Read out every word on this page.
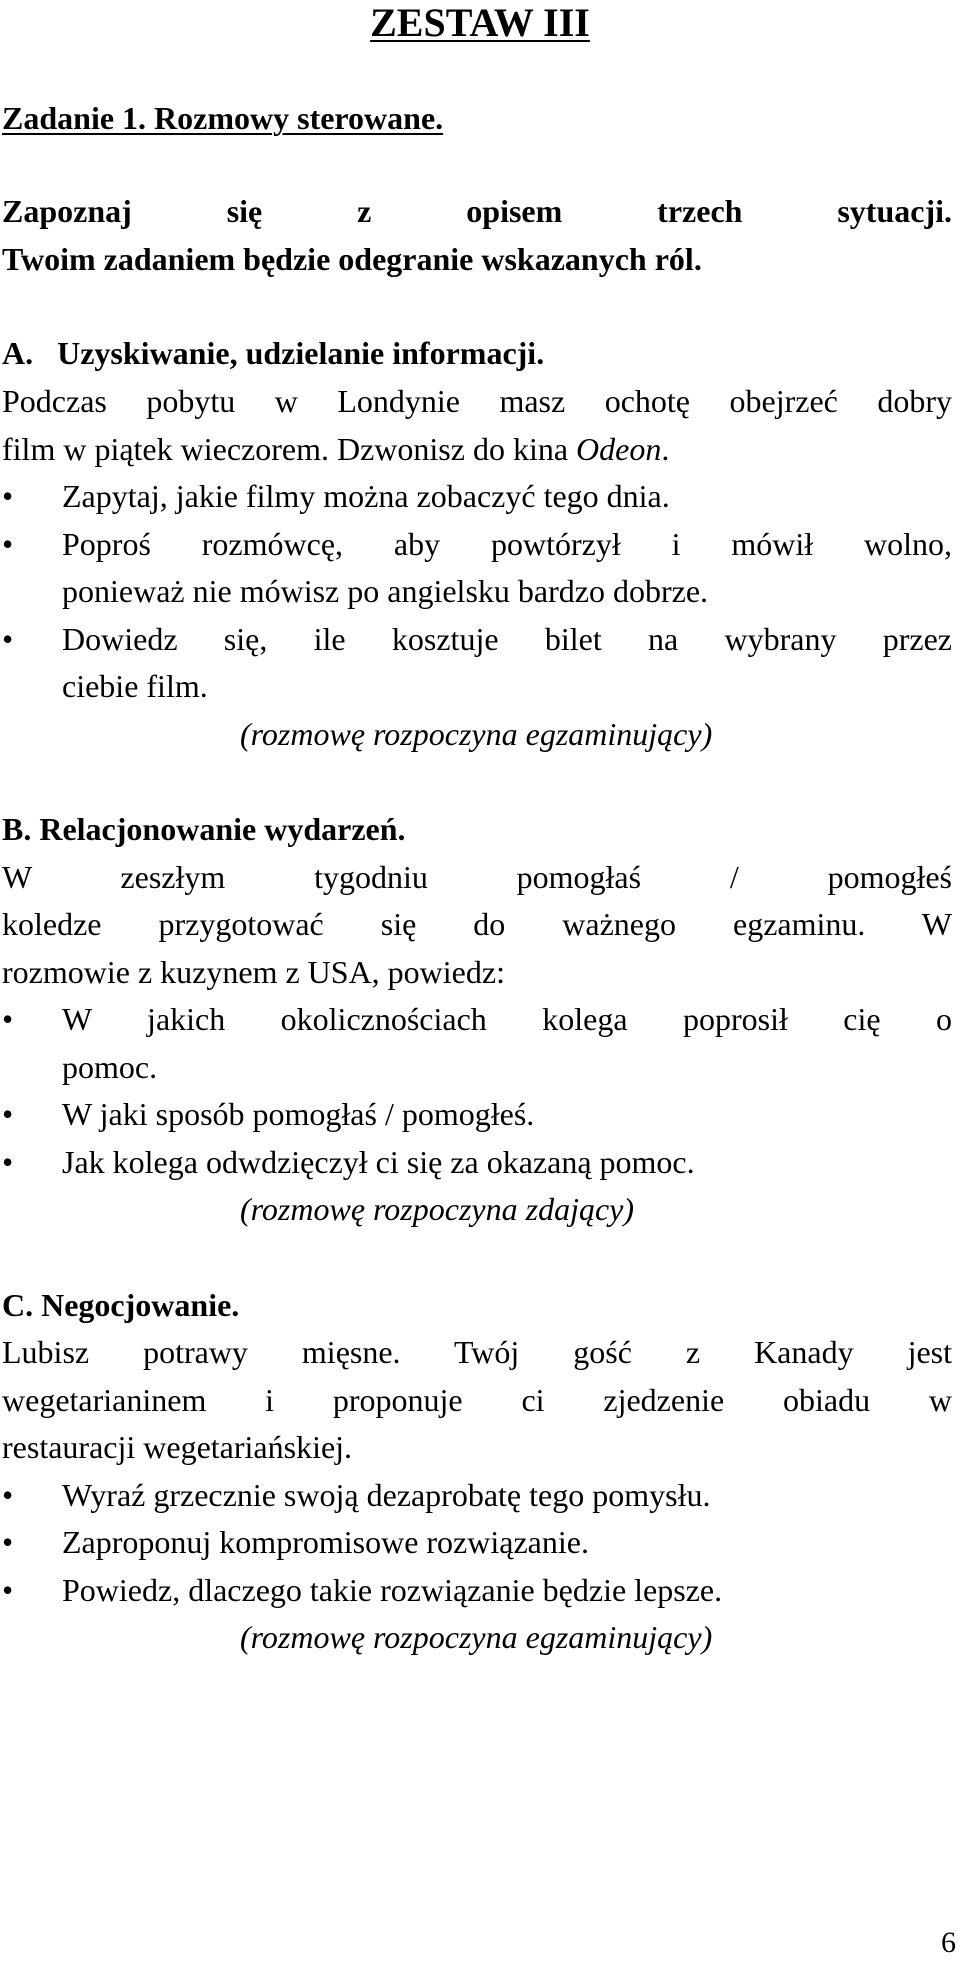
ZESTAW III
Zadanie 1. Rozmowy sterowane.
Zapoznaj się z opisem trzech sytuacji.
Twoim zadaniem będzie odegranie wskazanych ról.
A. Uzyskiwanie, udzielanie informacji.
Podczas pobytu w Londynie masz ochotę obejrzeć dobry
film w piątek wieczorem. Dzwonisz do kina Odeon.
• Zapytaj, jakie filmy można zobaczyć tego dnia.
• Poproś rozmówcę, aby powtórzył i mówił wolno,
ponieważ nie mówisz po angielsku bardzo dobrze.
• Dowiedz się, ile kosztuje bilet na wybrany przez
ciebie film.
(rozmowę rozpoczyna egzaminujący)
B. Relacjonowanie wydarzeń.
W zeszłym tygodniu pomogłaś / pomogłeś
koledze przygotować się do ważnego egzaminu. W
rozmowie z kuzynem z USA, powiedz:
• W jakich okolicznościach kolega poprosił cię o
pomoc.
• W jaki sposób pomogłaś / pomogłeś.
• Jak kolega odwdzięczył ci się za okazaną pomoc.
(rozmowę rozpoczyna zdający)
C. Negocjowanie.
Lubisz potrawy mięsne. Twój gość z Kanady jest
wegetarianinem i proponuje ci zjedzenie obiadu w
restauracji wegetariańskiej.
• Wyraź grzecznie swoją dezaprobatę tego pomysłu.
• Zaproponuj kompromisowe rozwiązanie.
• Powiedz, dlaczego takie rozwiązanie będzie lepsze.
(rozmowę rozpoczyna egzaminujący)
6
